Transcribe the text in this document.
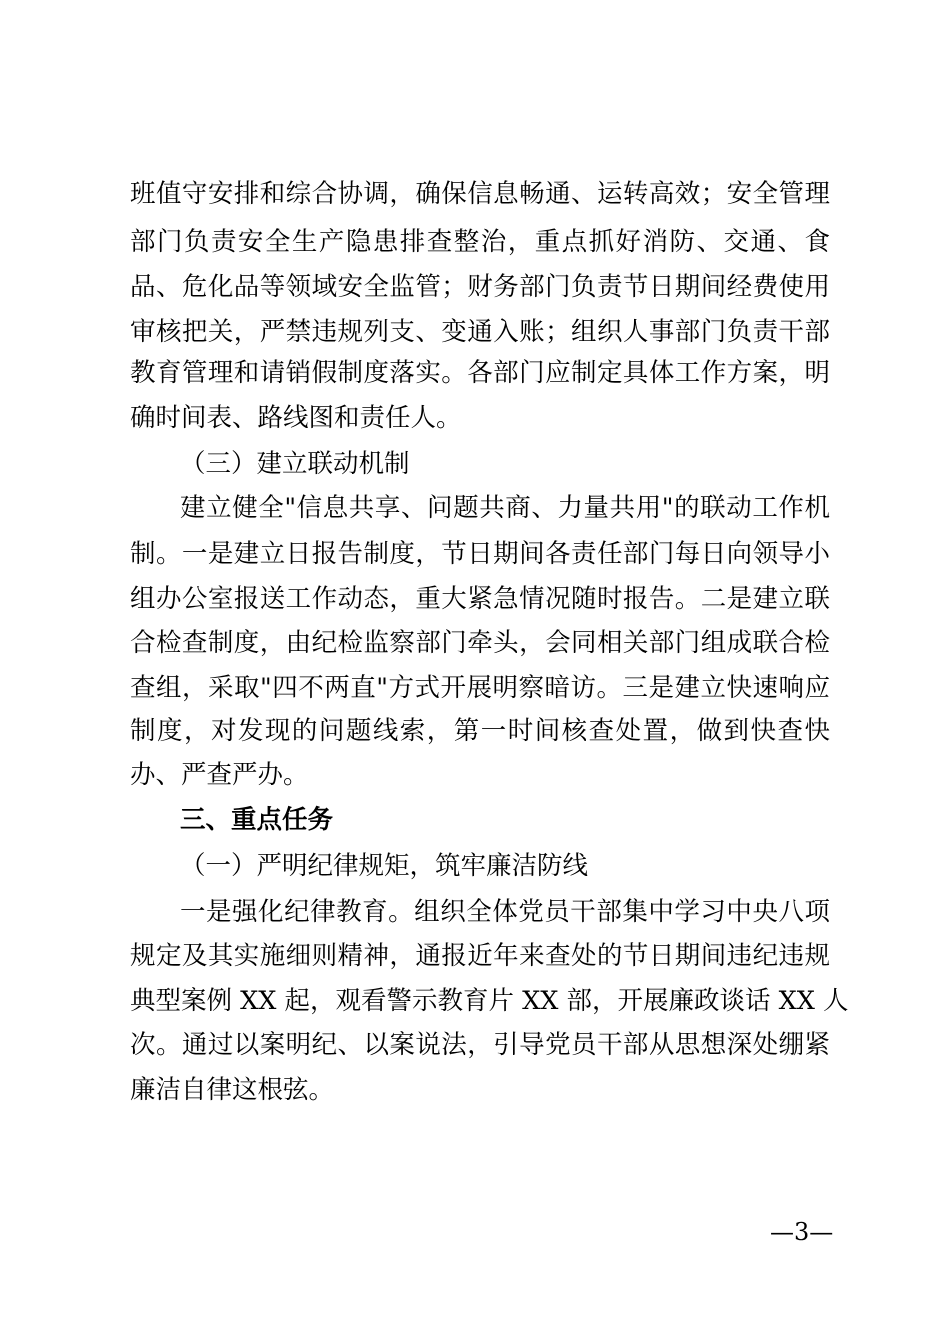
班值守安排和综合协调，确保信息畅通、运转高效；安全管理
部门负责安全生产隐患排查整治，重点抓好消防、交通、食
品、危化品等领域安全监管；财务部门负责节日期间经费使用
审核把关，严禁违规列支、变通入账；组织人事部门负责干部
教育管理和请销假制度落实。各部门应制定具体工作方案，明
确时间表、路线图和责任人。
（三）建立联动机制
建立健全"信息共享、问题共商、力量共用"的联动工作机
制。一是建立日报告制度，节日期间各责任部门每日向领导小
组办公室报送工作动态，重大紧急情况随时报告。二是建立联
合检查制度，由纪检监察部门牵头，会同相关部门组成联合检
查组，采取"四不两直"方式开展明察暗访。三是建立快速响应
制度，对发现的问题线索，第一时间核查处置，做到快查快
办、严查严办。
三、重点任务
（一）严明纪律规矩，筑牢廉洁防线
一是强化纪律教育。组织全体党员干部集中学习中央八项
规定及其实施细则精神，通报近年来查处的节日期间违纪违规
典型案例 XX 起，观看警示教育片 XX 部，开展廉政谈话 XX 人
次。通过以案明纪、以案说法，引导党员干部从思想深处绷紧
廉洁自律这根弦。
—3—
